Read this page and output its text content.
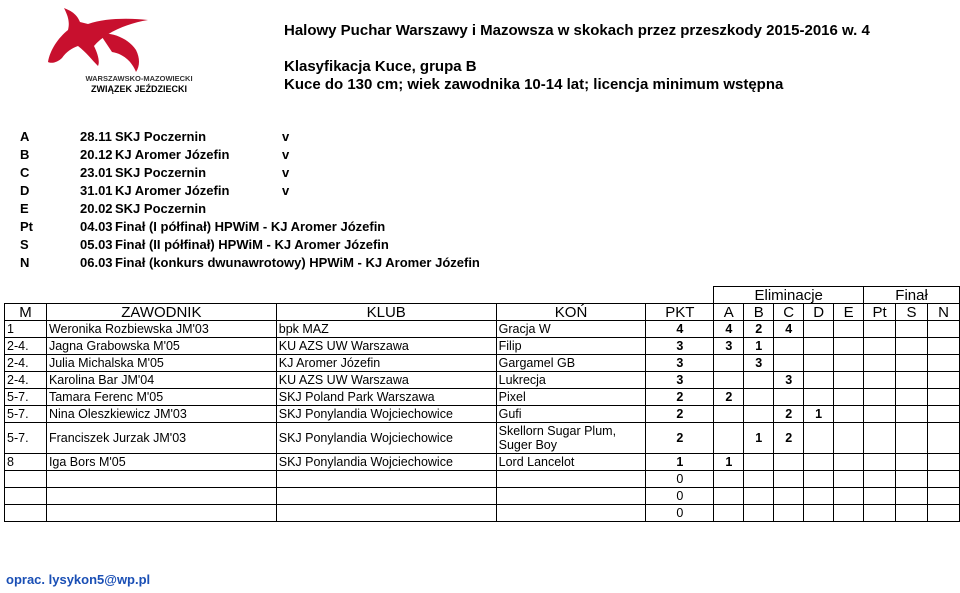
WARSZAWSKO-MAZOWIECKI
ZWIĄZEK JEŹDZIECKI
Halowy Puchar Warszawy i Mazowsza w skokach przez przeszkody 2015-2016 w. 4
Klasyfikacja Kuce, grupa B
Kuce do 130 cm; wiek zawodnika 10-14 lat; licencja minimum wstępna
A	28.11 SKJ Poczernin	v
B	20.12 KJ Aromer Józefin	v
C	23.01 SKJ Poczernin	v
D	31.01 KJ Aromer Józefin	v
E	20.02 SKJ Poczernin
Pt	04.03 Finał (I półfinał) HPWiM - KJ Aromer Józefin
S	05.03 Finał (II półfinał) HPWiM - KJ Aromer Józefin
N	06.03 Finał (konkurs dwunawrotowy) HPWiM - KJ Aromer Józefin
					Eliminacje					Finał		
M	ZAWODNIK	KLUB	KOŃ	PKT	A	B	C	D	E	Pt	S	N
1	Weronika Rozbiewska JM'03	bpk MAZ	Gracja W	4	4	2	4					
2-4.	Jagna Grabowska M'05	KU AZS UW Warszawa	Filip	3	3	1						
2-4.	Julia Michalska M'05	KJ Aromer Józefin	Gargamel GB	3		3						
2-4.	Karolina Bar JM'04	KU AZS UW Warszawa	Lukrecja	3			3					
5-7.	Tamara Ferenc M'05	SKJ Poland Park Warszawa	Pixel	2	2							
5-7.	Nina Oleszkiewicz JM'03	SKJ Ponylandia Wojciechowice	Gufi	2			2	1				
5-7.	Franciszek Jurzak JM'03	SKJ Ponylandia Wojciechowice	Skellorn Sugar Plum, Suger Boy	2		1	2					
8	Iga Bors M'05	SKJ Ponylandia Wojciechowice	Lord Lancelot	1	1							
				0								
				0								
				0								
oprac. lysykon5@wp.pl
